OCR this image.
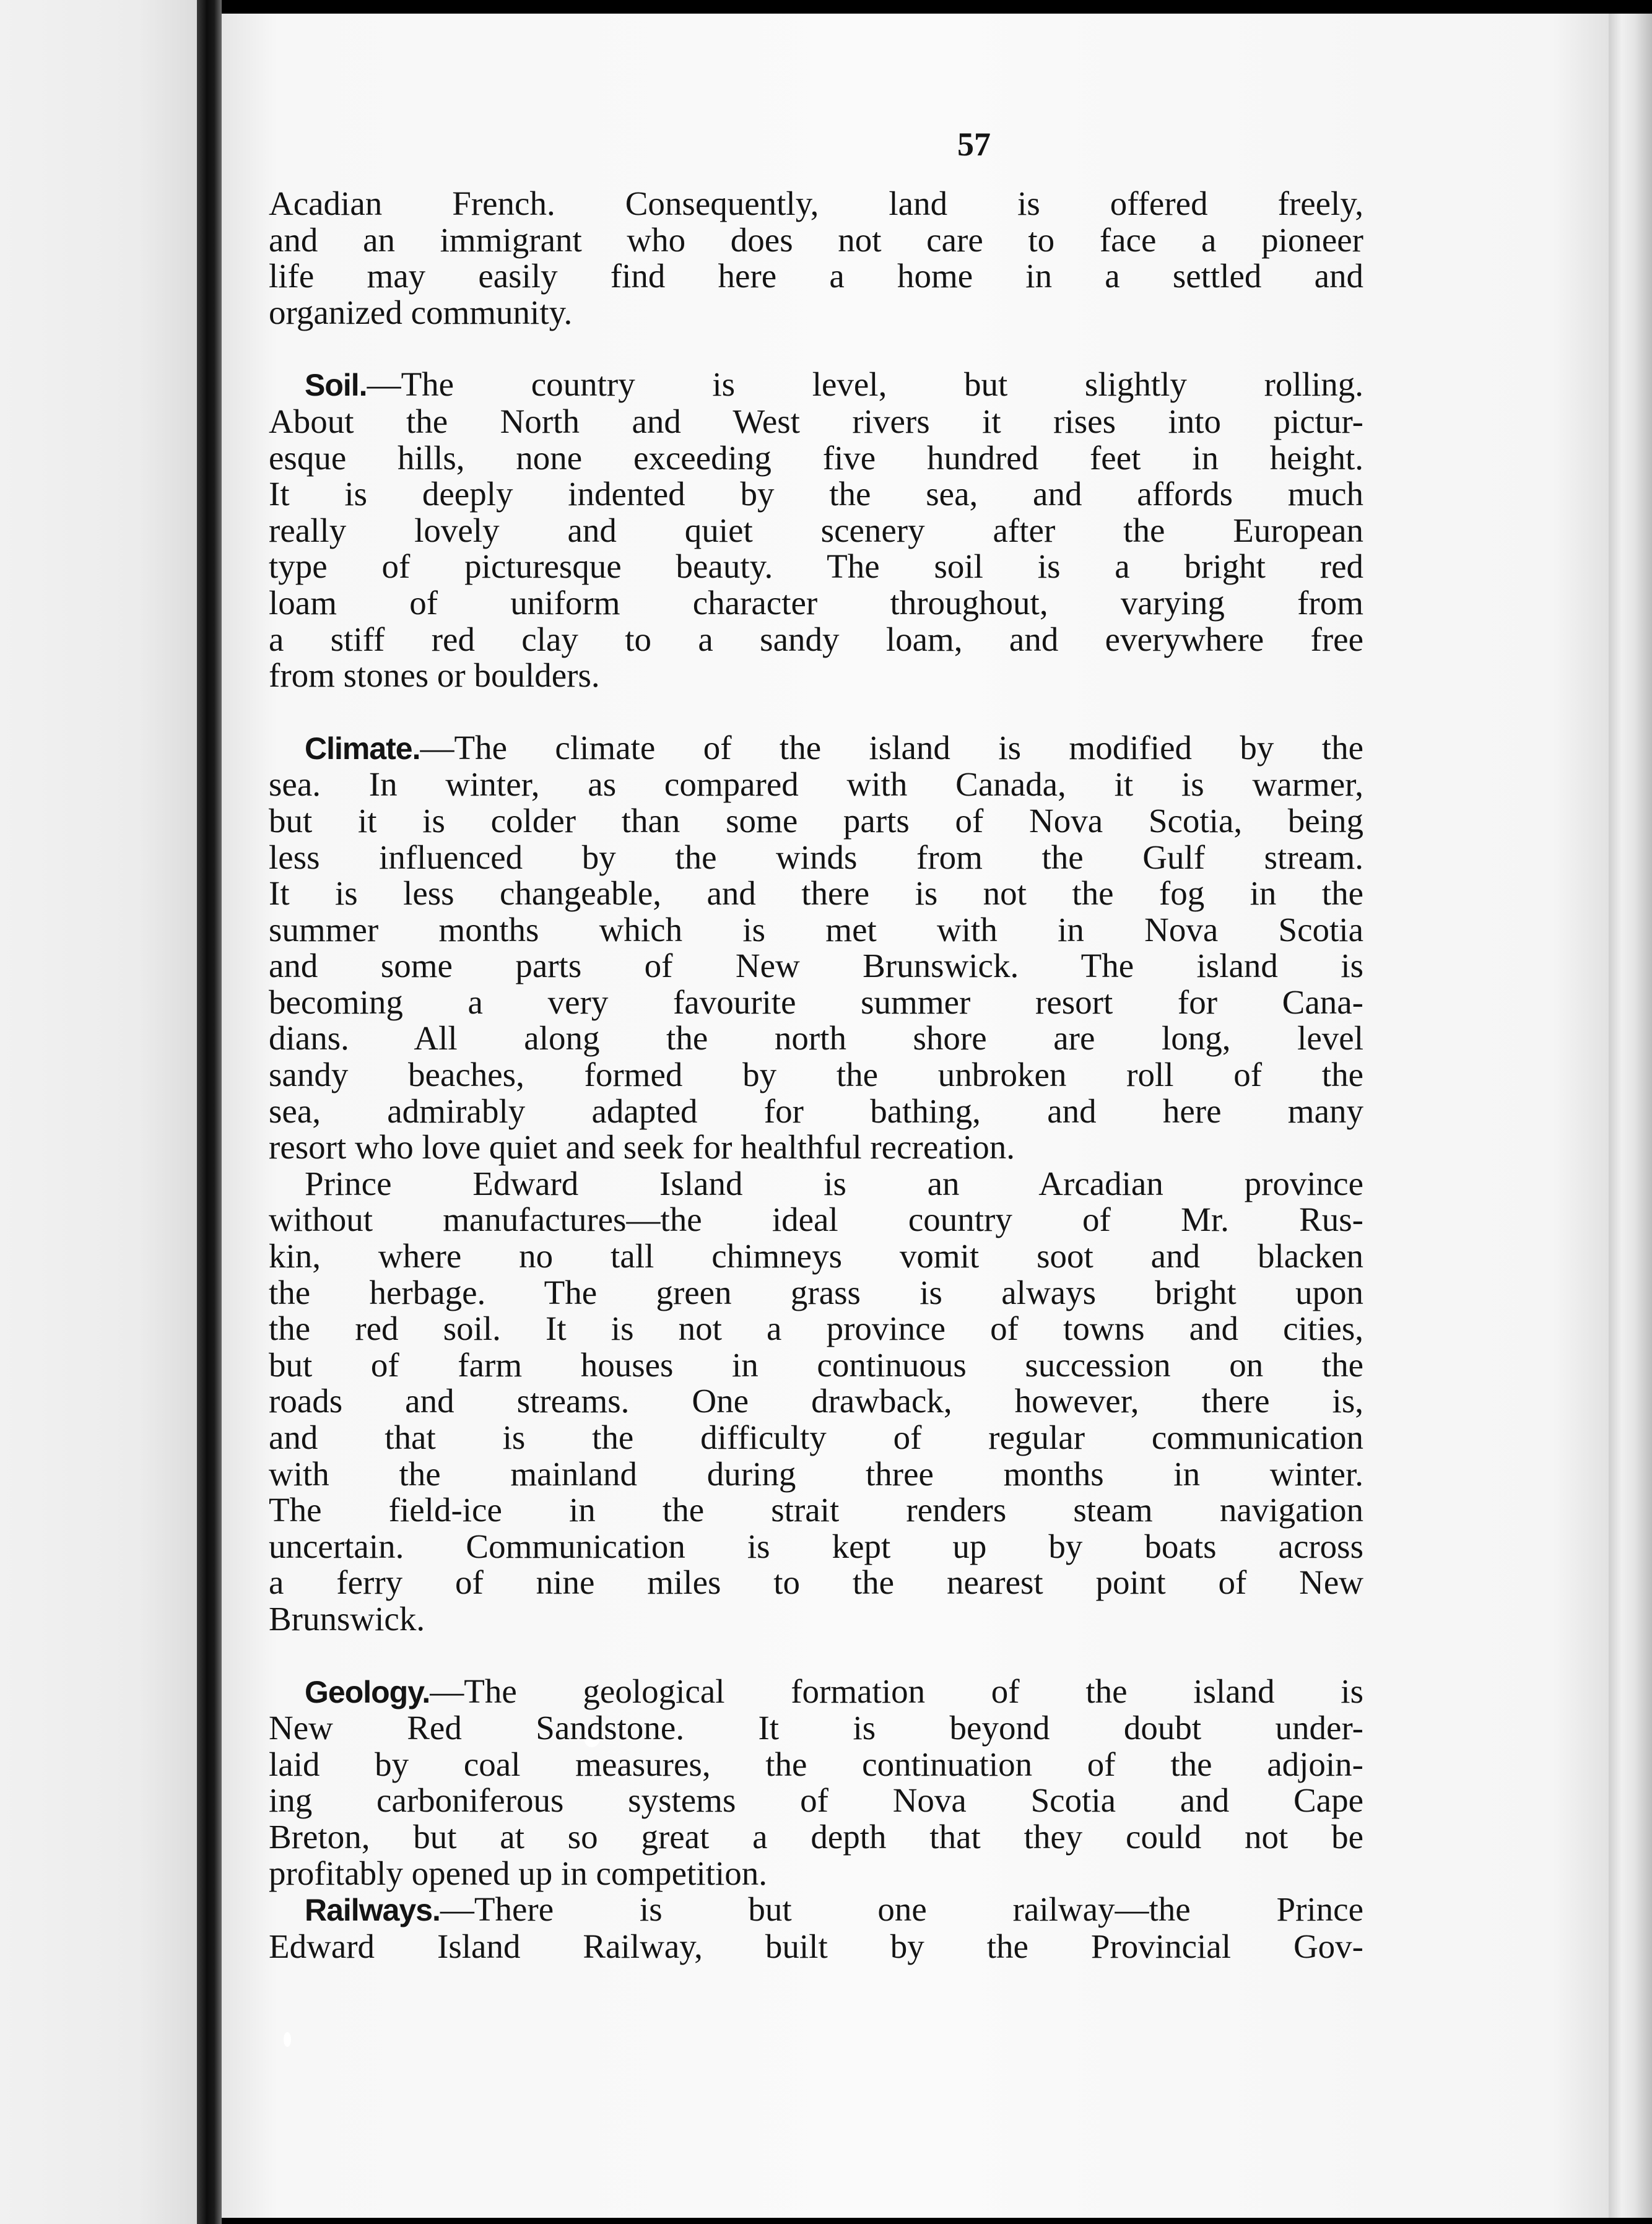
57
Acadian French. Consequently, land is offered freely,
and an immigrant who does not care to face a pioneer
life may easily find here a home in a settled and
organized community.
Soil.—The country is level, but slightly rolling.
About the North and West rivers it rises into pictur-
esque hills, none exceeding five hundred feet in height.
It is deeply indented by the sea, and affords much
really lovely and quiet scenery after the European
type of picturesque beauty. The soil is a bright red
loam of uniform character throughout, varying from
a stiff red clay to a sandy loam, and everywhere free
from stones or boulders.
Climate.—The climate of the island is modified by the
sea. In winter, as compared with Canada, it is warmer,
but it is colder than some parts of Nova Scotia, being
less influenced by the winds from the Gulf stream.
It is less changeable, and there is not the fog in the
summer months which is met with in Nova Scotia
and some parts of New Brunswick. The island is
becoming a very favourite summer resort for Cana-
dians. All along the north shore are long, level
sandy beaches, formed by the unbroken roll of the
sea, admirably adapted for bathing, and here many
resort who love quiet and seek for healthful recreation.
Prince Edward Island is an Arcadian province
without manufactures—the ideal country of Mr. Rus-
kin, where no tall chimneys vomit soot and blacken
the herbage. The green grass is always bright upon
the red soil. It is not a province of towns and cities,
but of farm houses in continuous succession on the
roads and streams. One drawback, however, there is,
and that is the difficulty of regular communication
with the mainland during three months in winter.
The field-ice in the strait renders steam navigation
uncertain. Communication is kept up by boats across
a ferry of nine miles to the nearest point of New
Brunswick.
Geology.—The geological formation of the island is
New Red Sandstone. It is beyond doubt under-
laid by coal measures, the continuation of the adjoin-
ing carboniferous systems of Nova Scotia and Cape
Breton, but at so great a depth that they could not be
profitably opened up in competition.
Railways.—There is but one railway—the Prince
Edward Island Railway, built by the Provincial Gov-
